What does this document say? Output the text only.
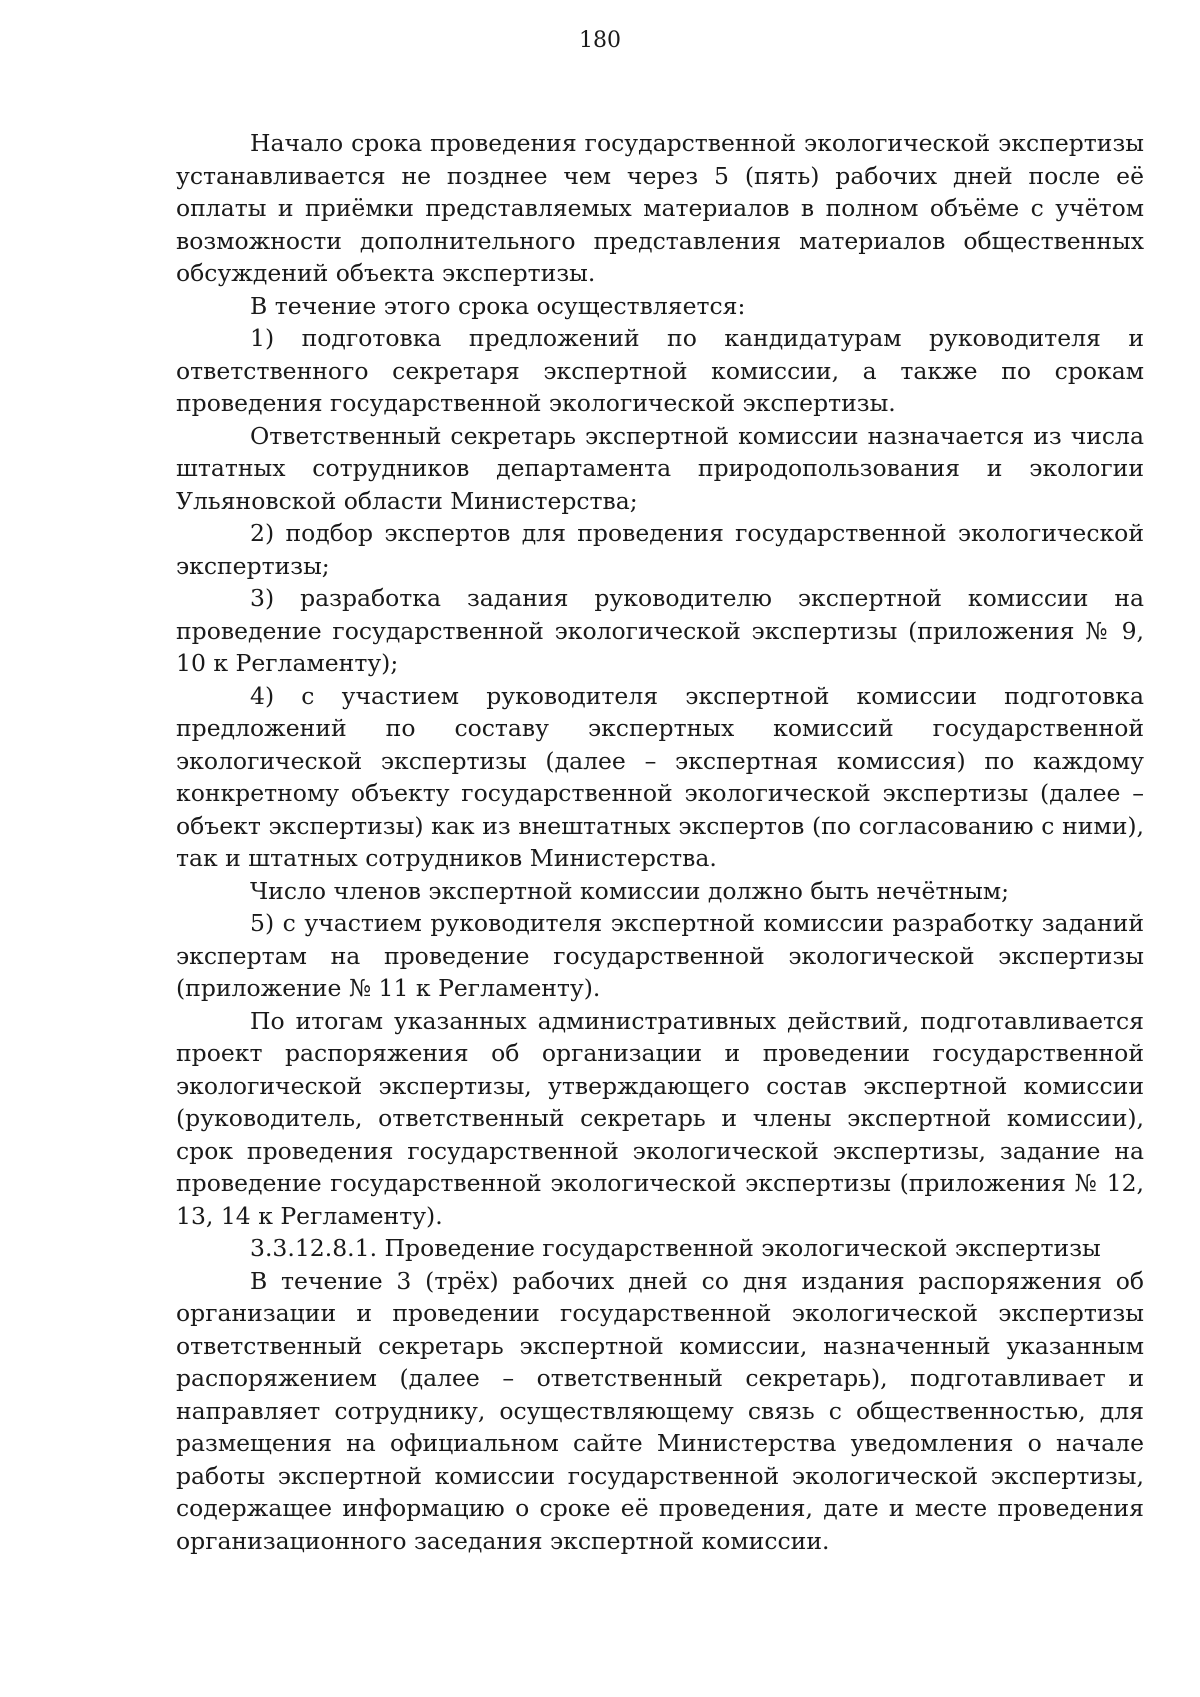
180

Начало срока проведения государственной экологической экспертизы устанавливается не позднее чем через 5 (пять) рабочих дней после её оплаты и приёмки представляемых материалов в полном объёме с учётом возможности дополнительного представления материалов общественных обсуждений объекта экспертизы.

В течение этого срока осуществляется:

1) подготовка предложений по кандидатурам руководителя и ответственного секретаря экспертной комиссии, а также по срокам проведения государственной экологической экспертизы.

Ответственный секретарь экспертной комиссии назначается из числа штатных сотрудников департамента природопользования и экологии Ульяновской области Министерства;

2) подбор экспертов для проведения государственной экологической экспертизы;

3) разработка задания руководителю экспертной комиссии на проведение государственной экологической экспертизы (приложения № 9, 10 к Регламенту);

4) с участием руководителя экспертной комиссии подготовка предложений по составу экспертных комиссий государственной экологической экспертизы (далее – экспертная комиссия) по каждому конкретному объекту государственной экологической экспертизы (далее – объект экспертизы) как из внештатных экспертов (по согласованию с ними), так и штатных сотрудников Министерства.

Число членов экспертной комиссии должно быть нечётным;

5) с участием руководителя экспертной комиссии разработку заданий экспертам на проведение государственной экологической экспертизы (приложение № 11 к Регламенту).

По итогам указанных административных действий, подготавливается проект распоряжения об организации и проведении государственной экологической экспертизы, утверждающего состав экспертной комиссии (руководитель, ответственный секретарь и члены экспертной комиссии), срок проведения государственной экологической экспертизы, задание на проведение государственной экологической экспертизы (приложения № 12, 13, 14 к Регламенту).

3.3.12.8.1. Проведение государственной экологической экспертизы

В течение 3 (трёх) рабочих дней со дня издания распоряжения об организации и проведении государственной экологической экспертизы ответственный секретарь экспертной комиссии, назначенный указанным распоряжением (далее – ответственный секретарь), подготавливает и направляет сотруднику, осуществляющему связь с общественностью, для размещения на официальном сайте Министерства уведомления о начале работы экспертной комиссии государственной экологической экспертизы, содержащее информацию о сроке её проведения, дате и месте проведения организационного заседания экспертной комиссии.
